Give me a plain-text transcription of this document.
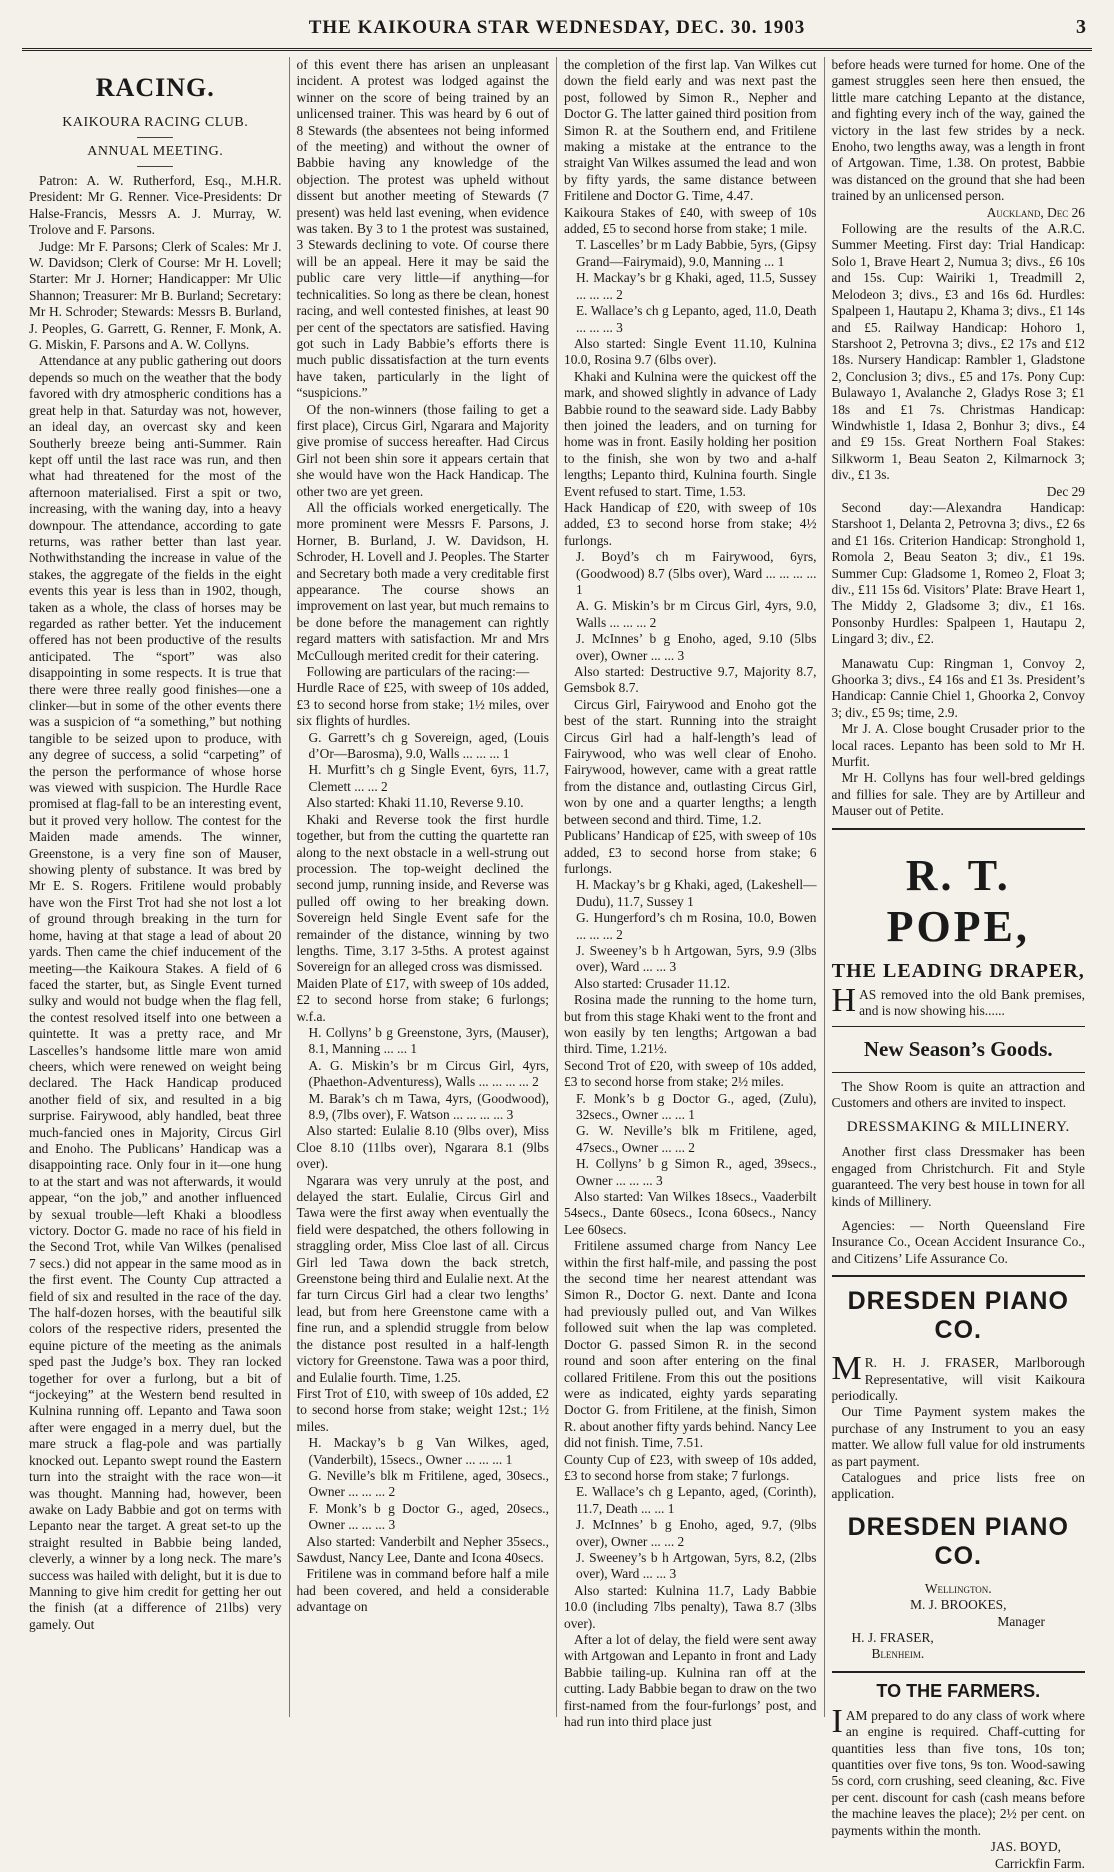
THE KAIKOURA STAR WEDNESDAY, DEC. 30. 1903	3
RACING.
KAIKOURA RACING CLUB.
ANNUAL MEETING.

Patron: A. W. Rutherford, Esq., M.H.R. President: Mr G. Renner. Vice-Presidents: Dr Halse-Francis, Messrs A. J. Murray, W. Trolove and F. Parsons.

Judge: Mr F. Parsons; Clerk of Scales: Mr J. W. Davidson; Clerk of Course: Mr H. Lovell; Starter: Mr J. Horner; Handicapper: Mr Ulic Shannon; Treasurer: Mr B. Burland; Secretary: Mr H. Schroder; Stewards: Messrs B. Burland, J. Peoples, G. Garrett, G. Renner, F. Monk, A. G. Miskin, F. Parsons and A. W. Collyns.

Attendance at any public gathering out doors depends so much on the weather that the body favored with dry atmospheric conditions has a great help in that. Saturday was not, however, an ideal day, an overcast sky and keen Southerly breeze being anti-Summer. Rain kept off until the last race was run, and then what had threatened for the most of the afternoon materialised. First a spit or two, increasing, with the waning day, into a heavy downpour. The attendance, according to gate returns, was rather better than last year. Nothwithstanding the increase in value of the stakes, the aggregate of the fields in the eight events this year is less than in 1902, though, taken as a whole, the class of horses may be regarded as rather better. Yet the inducement offered has not been productive of the results anticipated. The “sport” was also disappointing in some respects. It is true that there were three really good finishes—one a clinker—but in some of the other events there was a suspicion of “a something,” but nothing tangible to be seized upon to produce, with any degree of success, a solid “carpeting” of the person the performance of whose horse was viewed with suspicion. The Hurdle Race promised at flag-fall to be an interesting event, but it proved very hollow. The contest for the Maiden made amends. The winner, Greenstone, is a very fine son of Mauser, showing plenty of substance. It was bred by Mr E. S. Rogers. Fritilene would probably have won the First Trot had she not lost a lot of ground through breaking in the turn for home, having at that stage a lead of about 20 yards. Then came the chief inducement of the meeting—the Kaikoura Stakes. A field of 6 faced the starter, but, as Single Event turned sulky and would not budge when the flag fell, the contest resolved itself into one between a quintette. It was a pretty race, and Mr Lascelles’s handsome little mare won amid cheers, which were renewed on weight being declared. The Hack Handicap produced another field of six, and resulted in a big surprise. Fairywood, ably handled, beat three much-fancied ones in Majority, Circus Girl and Enoho. The Publicans’ Handicap was a disappointing race. Only four in it—one hung to at the start and was not afterwards, it would appear, “on the job,” and another influenced by sexual trouble—left Khaki a bloodless victory. Doctor G. made no race of his field in the Second Trot, while Van Wilkes (penalised 7 secs.) did not appear in the same mood as in the first event. The County Cup attracted a field of six and resulted in the race of the day. The half-dozen horses, with the beautiful silk colors of the respective riders, presented the equine picture of the meeting as the animals sped past the Judge’s box. They ran locked together for over a furlong, but a bit of “jockeying” at the Western bend resulted in Kulnina running off. Lepanto and Tawa soon after were engaged in a merry duel, but the mare struck a flag-pole and was partially knocked out. Lepanto swept round the Eastern turn into the straight with the race won—it was thought. Manning had, however, been awake on Lady Babbie and got on terms with Lepanto near the target. A great set-to up the straight resulted in Babbie being landed, cleverly, a winner by a long neck. The mare’s success was hailed with delight, but it is due to Manning to give him credit for getting her out the finish (at a difference of 21lbs) very gamely. Out

of this event there has arisen an unpleasant incident. A protest was lodged against the winner on the score of being trained by an unlicensed trainer. This was heard by 6 out of 8 Stewards (the absentees not being informed of the meeting) and without the owner of Babbie having any knowledge of the objection. The protest was upheld without dissent but another meeting of Stewards (7 present) was held last evening, when evidence was taken. By 3 to 1 the protest was sustained, 3 Stewards declining to vote. Of course there will be an appeal. Here it may be said the public care very little—if anything—for technicalities. So long as there be clean, honest racing, and well contested finishes, at least 90 per cent of the spectators are satisfied. Having got such in Lady Babbie’s efforts there is much public dissatisfaction at the turn events have taken, particularly in the light of “suspicions.”

Of the non-winners (those failing to get a first place), Circus Girl, Ngarara and Majority give promise of success hereafter. Had Circus Girl not been shin sore it appears certain that she would have won the Hack Handicap. The other two are yet green.

All the officials worked energetically. The more prominent were Messrs F. Parsons, J. Horner, B. Burland, J. W. Davidson, H. Schroder, H. Lovell and J. Peoples. The Starter and Secretary both made a very creditable first appearance. The course shows an improvement on last year, but much remains to be done before the management can rightly regard matters with satisfaction. Mr and Mrs McCullough merited credit for their catering.

Following are particulars of the racing:—

Hurdle Race of £25, with sweep of 10s added, £3 to second horse from stake; 1½ miles, over six flights of hurdles.

G. Garrett’s ch g Sovereign, aged, (Louis d’Or—Barosma), 9.0, Walls ... ... ... 1

H. Murfitt’s ch g Single Event, 6yrs, 11.7, Clemett ... ... 2

Also started: Khaki 11.10, Reverse 9.10.

Khaki and Reverse took the first hurdle together, but from the cutting the quartette ran along to the next obstacle in a well-strung out procession. The top-weight declined the second jump, running inside, and Reverse was pulled off owing to her breaking down. Sovereign held Single Event safe for the remainder of the distance, winning by two lengths. Time, 3.17 3-5ths. A protest against Sovereign for an alleged cross was dismissed.

Maiden Plate of £17, with sweep of 10s added, £2 to second horse from stake; 6 furlongs; w.f.a.

H. Collyns’ b g Greenstone, 3yrs, (Mauser), 8.1, Manning ... ... 1

A. G. Miskin’s br m Circus Girl, 4yrs, (Phaethon-Adventuress), Walls ... ... ... ... 2

M. Barak’s ch m Tawa, 4yrs, (Goodwood), 8.9, (7lbs over), F. Watson ... ... ... ... 3

Also started: Eulalie 8.10 (9lbs over), Miss Cloe 8.10 (11lbs over), Ngarara 8.1 (9lbs over).

Ngarara was very unruly at the post, and delayed the start. Eulalie, Circus Girl and Tawa were the first away when eventually the field were despatched, the others following in straggling order, Miss Cloe last of all. Circus Girl led Tawa down the back stretch, Greenstone being third and Eulalie next. At the far turn Circus Girl had a clear two lengths’ lead, but from here Greenstone came with a fine run, and a splendid struggle from below the distance post resulted in a half-length victory for Greenstone. Tawa was a poor third, and Eulalie fourth. Time, 1.25.

First Trot of £10, with sweep of 10s added, £2 to second horse from stake; weight 12st.; 1½ miles.

H. Mackay’s b g Van Wilkes, aged, (Vanderbilt), 15secs., Owner ... ... ... 1

G. Neville’s blk m Fritilene, aged, 30secs., Owner ... ... ... 2

F. Monk’s b g Doctor G., aged, 20secs., Owner ... ... ... 3

Also started: Vanderbilt and Nepher 35secs., Sawdust, Nancy Lee, Dante and Icona 40secs.

Fritilene was in command before half a mile had been covered, and held a considerable advantage on

the completion of the first lap. Van Wilkes cut down the field early and was next past the post, followed by Simon R., Nepher and Doctor G. The latter gained third position from Simon R. at the Southern end, and Fritilene making a mistake at the entrance to the straight Van Wilkes assumed the lead and won by fifty yards, the same distance between Fritilene and Doctor G. Time, 4.47.

Kaikoura Stakes of £40, with sweep of 10s added, £5 to second horse from stake; 1 mile.

T. Lascelles’ br m Lady Babbie, 5yrs, (Gipsy Grand—Fairymaid), 9.0, Manning ... 1

H. Mackay’s br g Khaki, aged, 11.5, Sussey ... ... ... 2

E. Wallace’s ch g Lepanto, aged, 11.0, Death ... ... ... 3

Also started: Single Event 11.10, Kulnina 10.0, Rosina 9.7 (6lbs over).

Khaki and Kulnina were the quickest off the mark, and showed slightly in advance of Lady Babbie round to the seaward side. Lady Babby then joined the leaders, and on turning for home was in front. Easily holding her position to the finish, she won by two and a-half lengths; Lepanto third, Kulnina fourth. Single Event refused to start. Time, 1.53.

Hack Handicap of £20, with sweep of 10s added, £3 to second horse from stake; 4½ furlongs.

J. Boyd’s ch m Fairywood, 6yrs, (Goodwood) 8.7 (5lbs over), Ward ... ... ... ... 1

A. G. Miskin’s br m Circus Girl, 4yrs, 9.0, Walls ... ... ... 2

J. McInnes’ b g Enoho, aged, 9.10 (5lbs over), Owner ... ... 3

Also started: Destructive 9.7, Majority 8.7, Gemsbok 8.7.

Circus Girl, Fairywood and Enoho got the best of the start. Running into the straight Circus Girl had a half-length’s lead of Fairywood, who was well clear of Enoho. Fairywood, however, came with a great rattle from the distance and, outlasting Circus Girl, won by one and a quarter lengths; a length between second and third. Time, 1.2.

Publicans’ Handicap of £25, with sweep of 10s added, £3 to second horse from stake; 6 furlongs.

H. Mackay’s br g Khaki, aged, (Lakeshell—Dudu), 11.7, Sussey 1

G. Hungerford’s ch m Rosina, 10.0, Bowen ... ... ... 2

J. Sweeney’s b h Artgowan, 5yrs, 9.9 (3lbs over), Ward ... ... 3

Also started: Crusader 11.12.

Rosina made the running to the home turn, but from this stage Khaki went to the front and won easily by ten lengths; Artgowan a bad third. Time, 1.21½.

Second Trot of £20, with sweep of 10s added, £3 to second horse from stake; 2½ miles.

F. Monk’s b g Doctor G., aged, (Zulu), 32secs., Owner ... ... 1

G. W. Neville’s blk m Fritilene, aged, 47secs., Owner ... ... 2

H. Collyns’ b g Simon R., aged, 39secs., Owner ... ... ... 3

Also started: Van Wilkes 18secs., Vaaderbilt 54secs., Dante 60secs., Icona 60secs., Nancy Lee 60secs.

Fritilene assumed charge from Nancy Lee within the first half-mile, and passing the post the second time her nearest attendant was Simon R., Doctor G. next. Dante and Icona had previously pulled out, and Van Wilkes followed suit when the lap was completed. Doctor G. passed Simon R. in the second round and soon after entering on the final collared Fritilene. From this out the positions were as indicated, eighty yards separating Doctor G. from Fritilene, at the finish, Simon R. about another fifty yards behind. Nancy Lee did not finish. Time, 7.51.

County Cup of £23, with sweep of 10s added, £3 to second horse from stake; 7 furlongs.

E. Wallace’s ch g Lepanto, aged, (Corinth), 11.7, Death ... ... 1

J. McInnes’ b g Enoho, aged, 9.7, (9lbs over), Owner ... ... 2

J. Sweeney’s b h Artgowan, 5yrs, 8.2, (2lbs over), Ward ... ... 3

Also started: Kulnina 11.7, Lady Babbie 10.0 (including 7lbs penalty), Tawa 8.7 (3lbs over).

After a lot of delay, the field were sent away with Artgowan and Lepanto in front and Lady Babbie tailing-up. Kulnina ran off at the cutting. Lady Babbie began to draw on the two first-named from the four-furlongs’ post, and had run into third place just

before heads were turned for home. One of the gamest struggles seen here then ensued, the little mare catching Lepanto at the distance, and fighting every inch of the way, gained the victory in the last few strides by a neck. Enoho, two lengths away, was a length in front of Artgowan. Time, 1.38. On protest, Babbie was distanced on the ground that she had been trained by an unlicensed person.

Auckland, Dec 26

Following are the results of the A.R.C. Summer Meeting. First day: Trial Handicap: Solo 1, Brave Heart 2, Numua 3; divs., £6 10s and 15s. Cup: Wairiki 1, Treadmill 2, Melodeon 3; divs., £3 and 16s 6d. Hurdles: Spalpeen 1, Hautapu 2, Khama 3; divs., £1 14s and £5. Railway Handicap: Hohoro 1, Starshoot 2, Petrovna 3; divs., £2 17s and £12 18s. Nursery Handicap: Rambler 1, Gladstone 2, Conclusion 3; divs., £5 and 17s. Pony Cup: Bulawayo 1, Avalanche 2, Gladys Rose 3; £1 18s and £1 7s. Christmas Handicap: Windwhistle 1, Idasa 2, Bonhur 3; divs., £4 and £9 15s. Great Northern Foal Stakes: Silkworm 1, Beau Seaton 2, Kilmarnock 3; div., £1 3s.

Dec 29

Second day:—Alexandra Handicap: Starshoot 1, Delanta 2, Petrovna 3; divs., £2 6s and £1 16s. Criterion Handicap: Stronghold 1, Romola 2, Beau Seaton 3; div., £1 19s. Summer Cup: Gladsome 1, Romeo 2, Float 3; div., £11 15s 6d. Visitors’ Plate: Brave Heart 1, The Middy 2, Gladsome 3; div., £1 16s. Ponsonby Hurdles: Spalpeen 1, Hautapu 2, Lingard 3; div., £2.

Manawatu Cup: Ringman 1, Convoy 2, Ghoorka 3; divs., £4 16s and £1 3s. President’s Handicap: Cannie Chiel 1, Ghoorka 2, Convoy 3; div., £5 9s; time, 2.9.

Mr J. A. Close bought Crusader prior to the local races. Lepanto has been sold to Mr H. Murfit.

Mr H. Collyns has four well-bred geldings and fillies for sale. They are by Artilleur and Mauser out of Petite.

R. T. POPE,
THE LEADING DRAPER,

HAS removed into the old Bank premises, and is now showing his......

New Season’s Goods.

The Show Room is quite an attraction and Customers and others are invited to inspect.

DRESSMAKING & MILLINERY.

Another first class Dressmaker has been engaged from Christchurch. Fit and Style guaranteed. The very best house in town for all kinds of Millinery.

Agencies: — North Queensland Fire Insurance Co., Ocean Accident Insurance Co., and Citizens’ Life Assurance Co.

DRESDEN PIANO CO.

MR. H. J. FRASER, Marlborough Representative, will visit Kaikoura periodically.

Our Time Payment system makes the purchase of any Instrument to you an easy matter. We allow full value for old instruments as part payment.

Catalogues and price lists free on application.

DRESDEN PIANO CO.

Wellington.

M. J. BROOKES,

Manager

H. J. FRASER,

Blenheim.

TO THE FARMERS.

IAM prepared to do any class of work where an engine is required. Chaff-cutting for quantities less than five tons, 10s ton; quantities over five tons, 9s ton. Wood-sawing 5s cord, corn crushing, seed cleaning, &c. Five per cent. discount for cash (cash means before the machine leaves the place); 2½ per cent. on payments within the month.

JAS. BOYD,

Carrickfin Farm.
